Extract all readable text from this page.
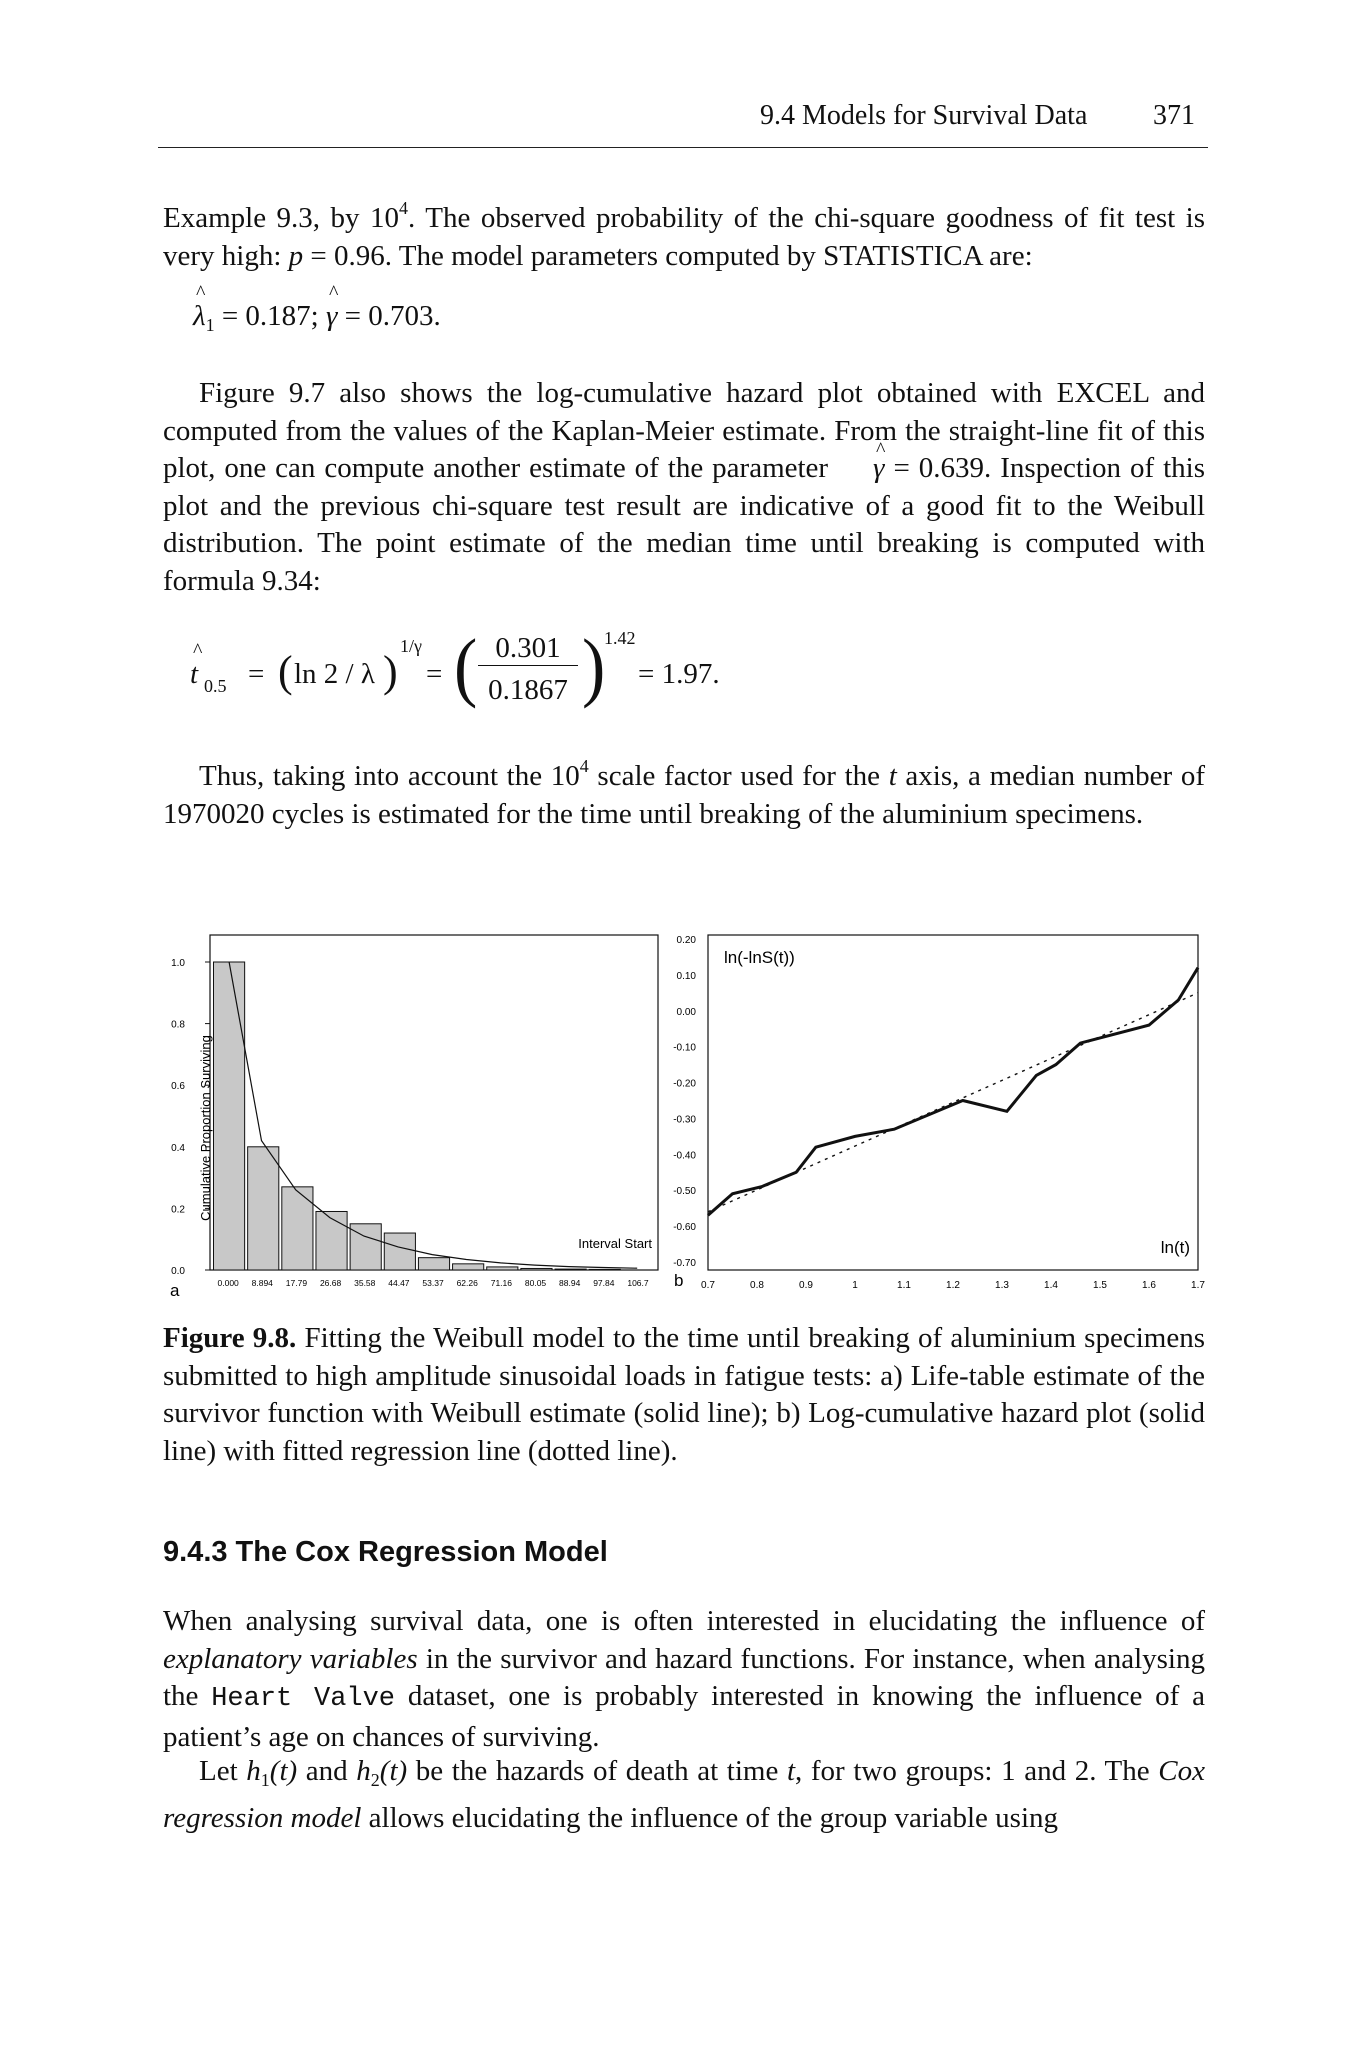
9.4 Models for Survival Data 371
Example 9.3, by $10^4$. The observed probability of the chi-square goodness of fit test is very high: p = 0.96. The model parameters computed by STATISTICA are:
^ $\lambda_1 = 0.187$; ^ γ = 0.703.
Figure 9.7 also shows the log-cumulative hazard plot obtained with EXCEL and computed from the values of the Kaplan-Meier estimate. From the straight-line fit of this plot, one can compute another estimate of the parameter ^ γ = 0.639. Inspection of this plot and the previous chi-square test result are indicative of a good fit to the Weibull distribution. The point estimate of the median time until breaking is computed with formula 9.34:
^ t 0.5 = ( ln 2 / λ )
1/γ
= ( 0.301
0.1867 )
1.42
= 1.97.
Thus, taking into account the $10^4$ scale factor used for the t axis, a median number of 1970020 cycles is estimated for the time until breaking of the aluminium specimens.
0.0
0.2
0.4
0.6
0.8
1.0
0.000 8.894 17.79 26.68 35.58 44.47 53.37 62.26 71.16 80.05 88.94 97.84 106.7
Cumulative Proportion Surviving
Interval Start
a
0.20
0.10
0.00
-0.10
-0.20
-0.30
-0.40
-0.50
-0.60
-0.70
0.7	0.8	0.9	1	1.1	1.2	1.3	1.4	1.5	1.6	1.7
ln(-lnS(t))
ln(t)
b
Figure 9.8. Fitting the Weibull model to the time until breaking of aluminium specimens submitted to high amplitude sinusoidal loads in fatigue tests: a) Life-table estimate of the survivor function with Weibull estimate (solid line); b) Log-cumulative hazard plot (solid line) with fitted regression line (dotted line).
9.4.3 The Cox Regression Model
When analysing survival data, one is often interested in elucidating the influence of explanatory variables in the survivor and hazard functions. For instance, when analysing the Heart Valve dataset, one is probably interested in knowing the influence of a patient’s age on chances of surviving.
Let $h_1(t)$ and $h_2(t)$ be the hazards of death at time t, for two groups: 1 and 2. The Cox regression model allows elucidating the influence of the group variable using
